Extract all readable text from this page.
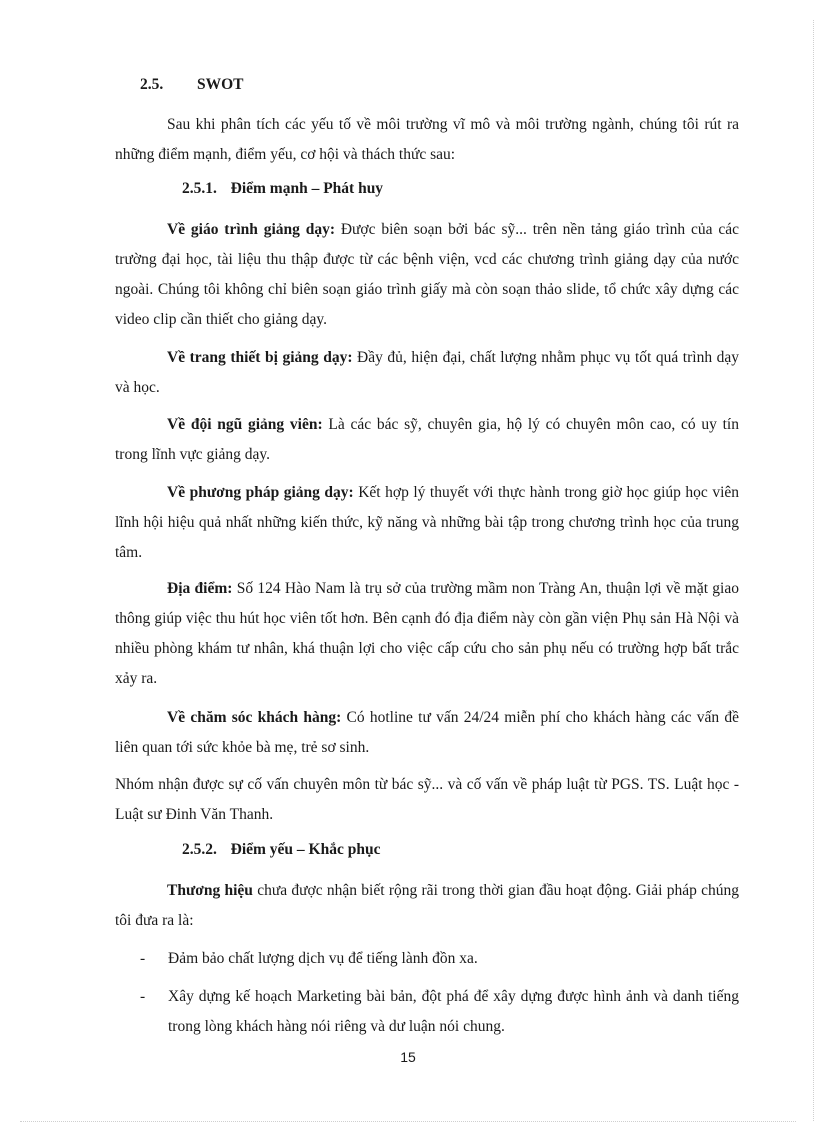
2.5. SWOT

Sau khi phân tích các yếu tố về môi trường vĩ mô và môi trường ngành, chúng tôi rút ra những điểm mạnh, điểm yếu, cơ hội và thách thức sau:

2.5.1. Điểm mạnh – Phát huy

Về giáo trình giảng dạy: Được biên soạn bởi bác sỹ... trên nền tảng giáo trình của các trường đại học, tài liệu thu thập được từ các bệnh viện, vcd các chương trình giảng dạy của nước ngoài. Chúng tôi không chỉ biên soạn giáo trình giấy mà còn soạn thảo slide, tổ chức xây dựng các video clip cần thiết cho giảng dạy.

Về trang thiết bị giảng dạy: Đầy đủ, hiện đại, chất lượng nhằm phục vụ tốt quá trình dạy và học.

Về đội ngũ giảng viên: Là các bác sỹ, chuyên gia, hộ lý có chuyên môn cao, có uy tín trong lĩnh vực giảng dạy.

Về phương pháp giảng dạy: Kết hợp lý thuyết với thực hành trong giờ học giúp học viên lĩnh hội hiệu quả nhất những kiến thức, kỹ năng và những bài tập trong chương trình học của trung tâm.

Địa điểm: Số 124 Hào Nam là trụ sở của trường mầm non Tràng An, thuận lợi về mặt giao thông giúp việc thu hút học viên tốt hơn. Bên cạnh đó địa điểm này còn gần viện Phụ sản Hà Nội và nhiều phòng khám tư nhân, khá thuận lợi cho việc cấp cứu cho sản phụ nếu có trường hợp bất trắc xảy ra.

Về chăm sóc khách hàng: Có hotline tư vấn 24/24 miễn phí cho khách hàng các vấn đề liên quan tới sức khỏe bà mẹ, trẻ sơ sinh.

Nhóm nhận được sự cố vấn chuyên môn từ bác sỹ... và cố vấn về pháp luật từ PGS. TS. Luật học - Luật sư Đinh Văn Thanh.

2.5.2. Điểm yếu – Khắc phục

Thương hiệu chưa được nhận biết rộng rãi trong thời gian đầu hoạt động. Giải pháp chúng tôi đưa ra là:

- Đảm bảo chất lượng dịch vụ để tiếng lành đồn xa.

- Xây dựng kế hoạch Marketing bài bản, đột phá để xây dựng được hình ảnh và danh tiếng trong lòng khách hàng nói riêng và dư luận nói chung.

15
